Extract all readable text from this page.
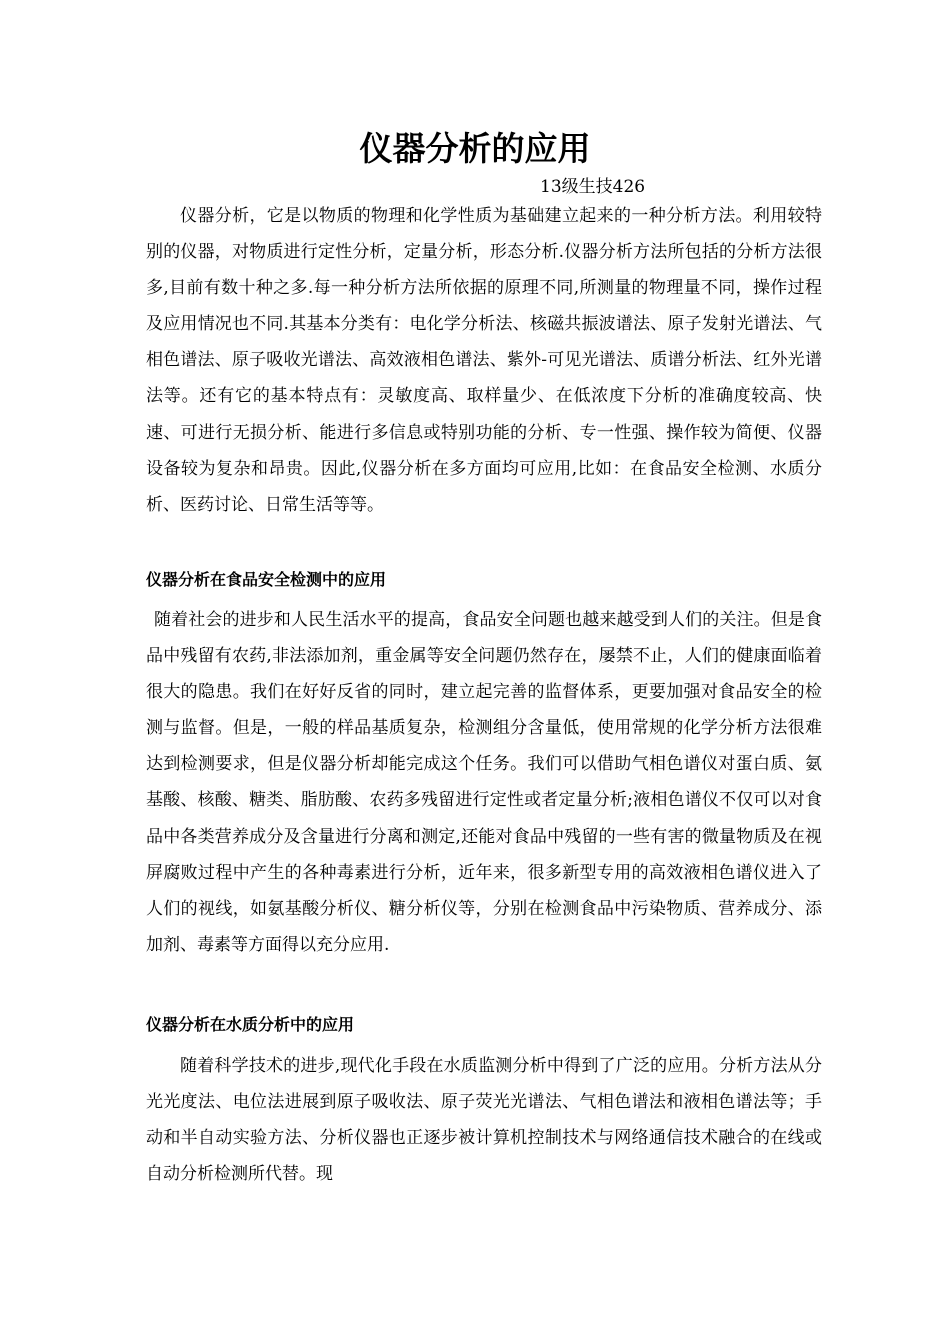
仪器分析的应用

13级生技426

仪器分析，它是以物质的物理和化学性质为基础建立起来的一种分析方法。利用较特别的仪器，对物质进行定性分析，定量分析，形态分析.仪器分析方法所包括的分析方法很多,目前有数十种之多.每一种分析方法所依据的原理不同,所测量的物理量不同，操作过程及应用情况也不同.其基本分类有：电化学分析法、核磁共振波谱法、原子发射光谱法、气相色谱法、原子吸收光谱法、高效液相色谱法、紫外-可见光谱法、质谱分析法、红外光谱法等。还有它的基本特点有：灵敏度高、取样量少、在低浓度下分析的准确度较高、快速、可进行无损分析、能进行多信息或特别功能的分析、专一性强、操作较为简便、仪器设备较为复杂和昂贵。因此,仪器分析在多方面均可应用,比如：在食品安全检测、水质分析、医药讨论、日常生活等等。

仪器分析在食品安全检测中的应用

随着社会的进步和人民生活水平的提高，食品安全问题也越来越受到人们的关注。但是食品中残留有农药,非法添加剂，重金属等安全问题仍然存在，屡禁不止，人们的健康面临着很大的隐患。我们在好好反省的同时，建立起完善的监督体系，更要加强对食品安全的检测与监督。但是，一般的样品基质复杂，检测组分含量低，使用常规的化学分析方法很难达到检测要求，但是仪器分析却能完成这个任务。我们可以借助气相色谱仪对蛋白质、氨基酸、核酸、糖类、脂肪酸、农药多残留进行定性或者定量分析;液相色谱仪不仅可以对食品中各类营养成分及含量进行分离和测定,还能对食品中残留的一些有害的微量物质及在视屏腐败过程中产生的各种毒素进行分析，近年来，很多新型专用的高效液相色谱仪进入了人们的视线，如氨基酸分析仪、糖分析仪等，分别在检测食品中污染物质、营养成分、添加剂、毒素等方面得以充分应用.

仪器分析在水质分析中的应用

随着科学技术的进步,现代化手段在水质监测分析中得到了广泛的应用。分析方法从分光光度法、电位法进展到原子吸收法、原子荧光光谱法、气相色谱法和液相色谱法等；手动和半自动实验方法、分析仪器也正逐步被计算机控制技术与网络通信技术融合的在线或自动分析检测所代替。现
